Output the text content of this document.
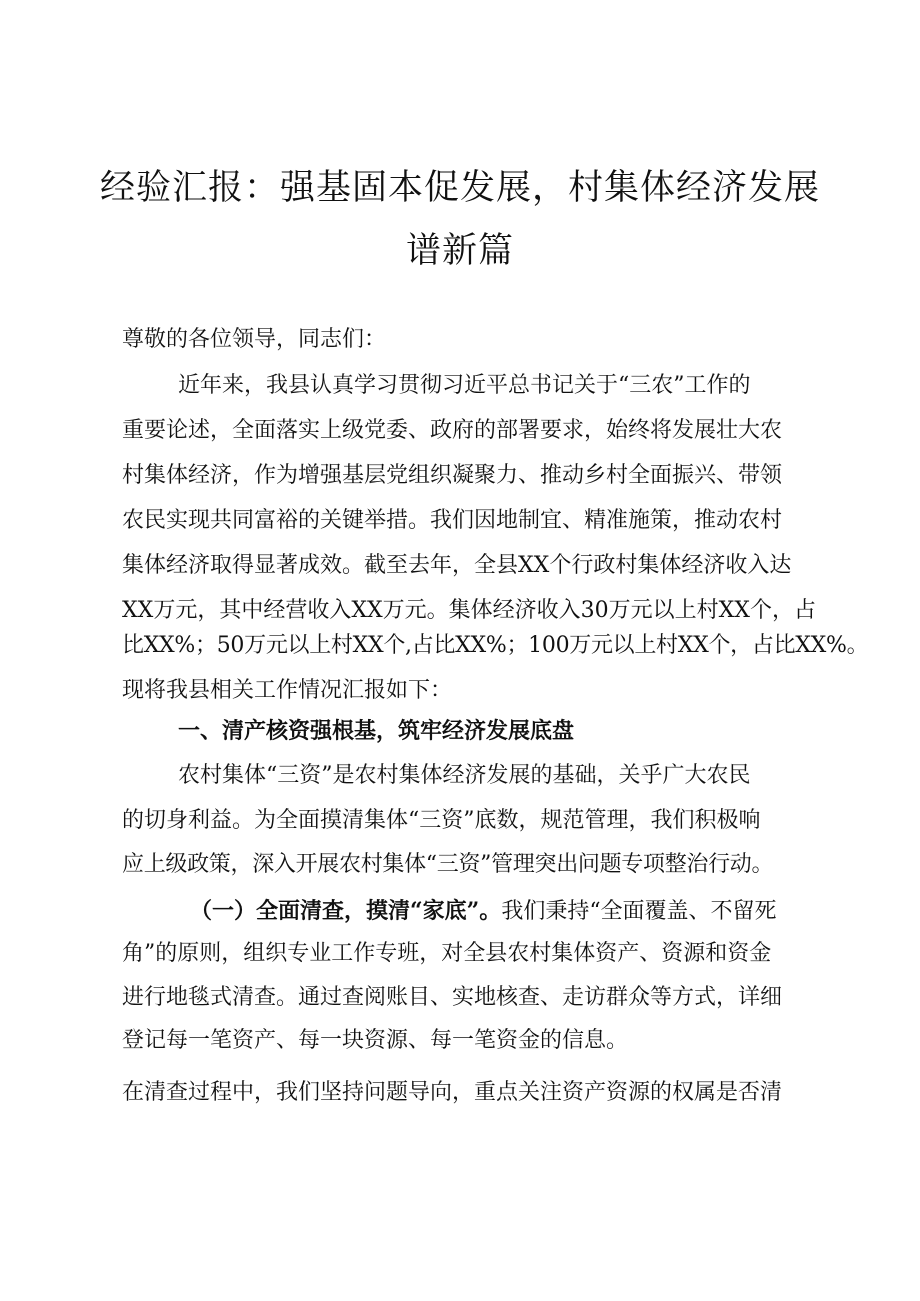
经验汇报：强基固本促发展，村集体经济发展
谱新篇
尊敬的各位领导，同志们：
近年来，我县认真学习贯彻习近平总书记关于“三农”工作的
重要论述，全面落实上级党委、政府的部署要求，始终将发展壮大农
村集体经济，作为增强基层党组织凝聚力、推动乡村全面振兴、带领
农民实现共同富裕的关键举措。我们因地制宜、精准施策，推动农村
集体经济取得显著成效。截至去年，全县XX个行政村集体经济收入达
XX万元，其中经营收入XX万元。集体经济收入30万元以上村XX个，占
比XX%；50万元以上村XX个,占比XX%；100万元以上村XX个，占比XX%。
现将我县相关工作情况汇报如下：
一、清产核资强根基，筑牢经济发展底盘
农村集体“三资”是农村集体经济发展的基础，关乎广大农民
的切身利益。为全面摸清集体“三资”底数，规范管理，我们积极响
应上级政策，深入开展农村集体“三资”管理突出问题专项整治行动。
（一）全面清查，摸清“家底”。我们秉持“全面覆盖、不留死
角”的原则，组织专业工作专班，对全县农村集体资产、资源和资金
进行地毯式清查。通过查阅账目、实地核查、走访群众等方式，详细
登记每一笔资产、每一块资源、每一笔资金的信息。
在清查过程中，我们坚持问题导向，重点关注资产资源的权属是否清
